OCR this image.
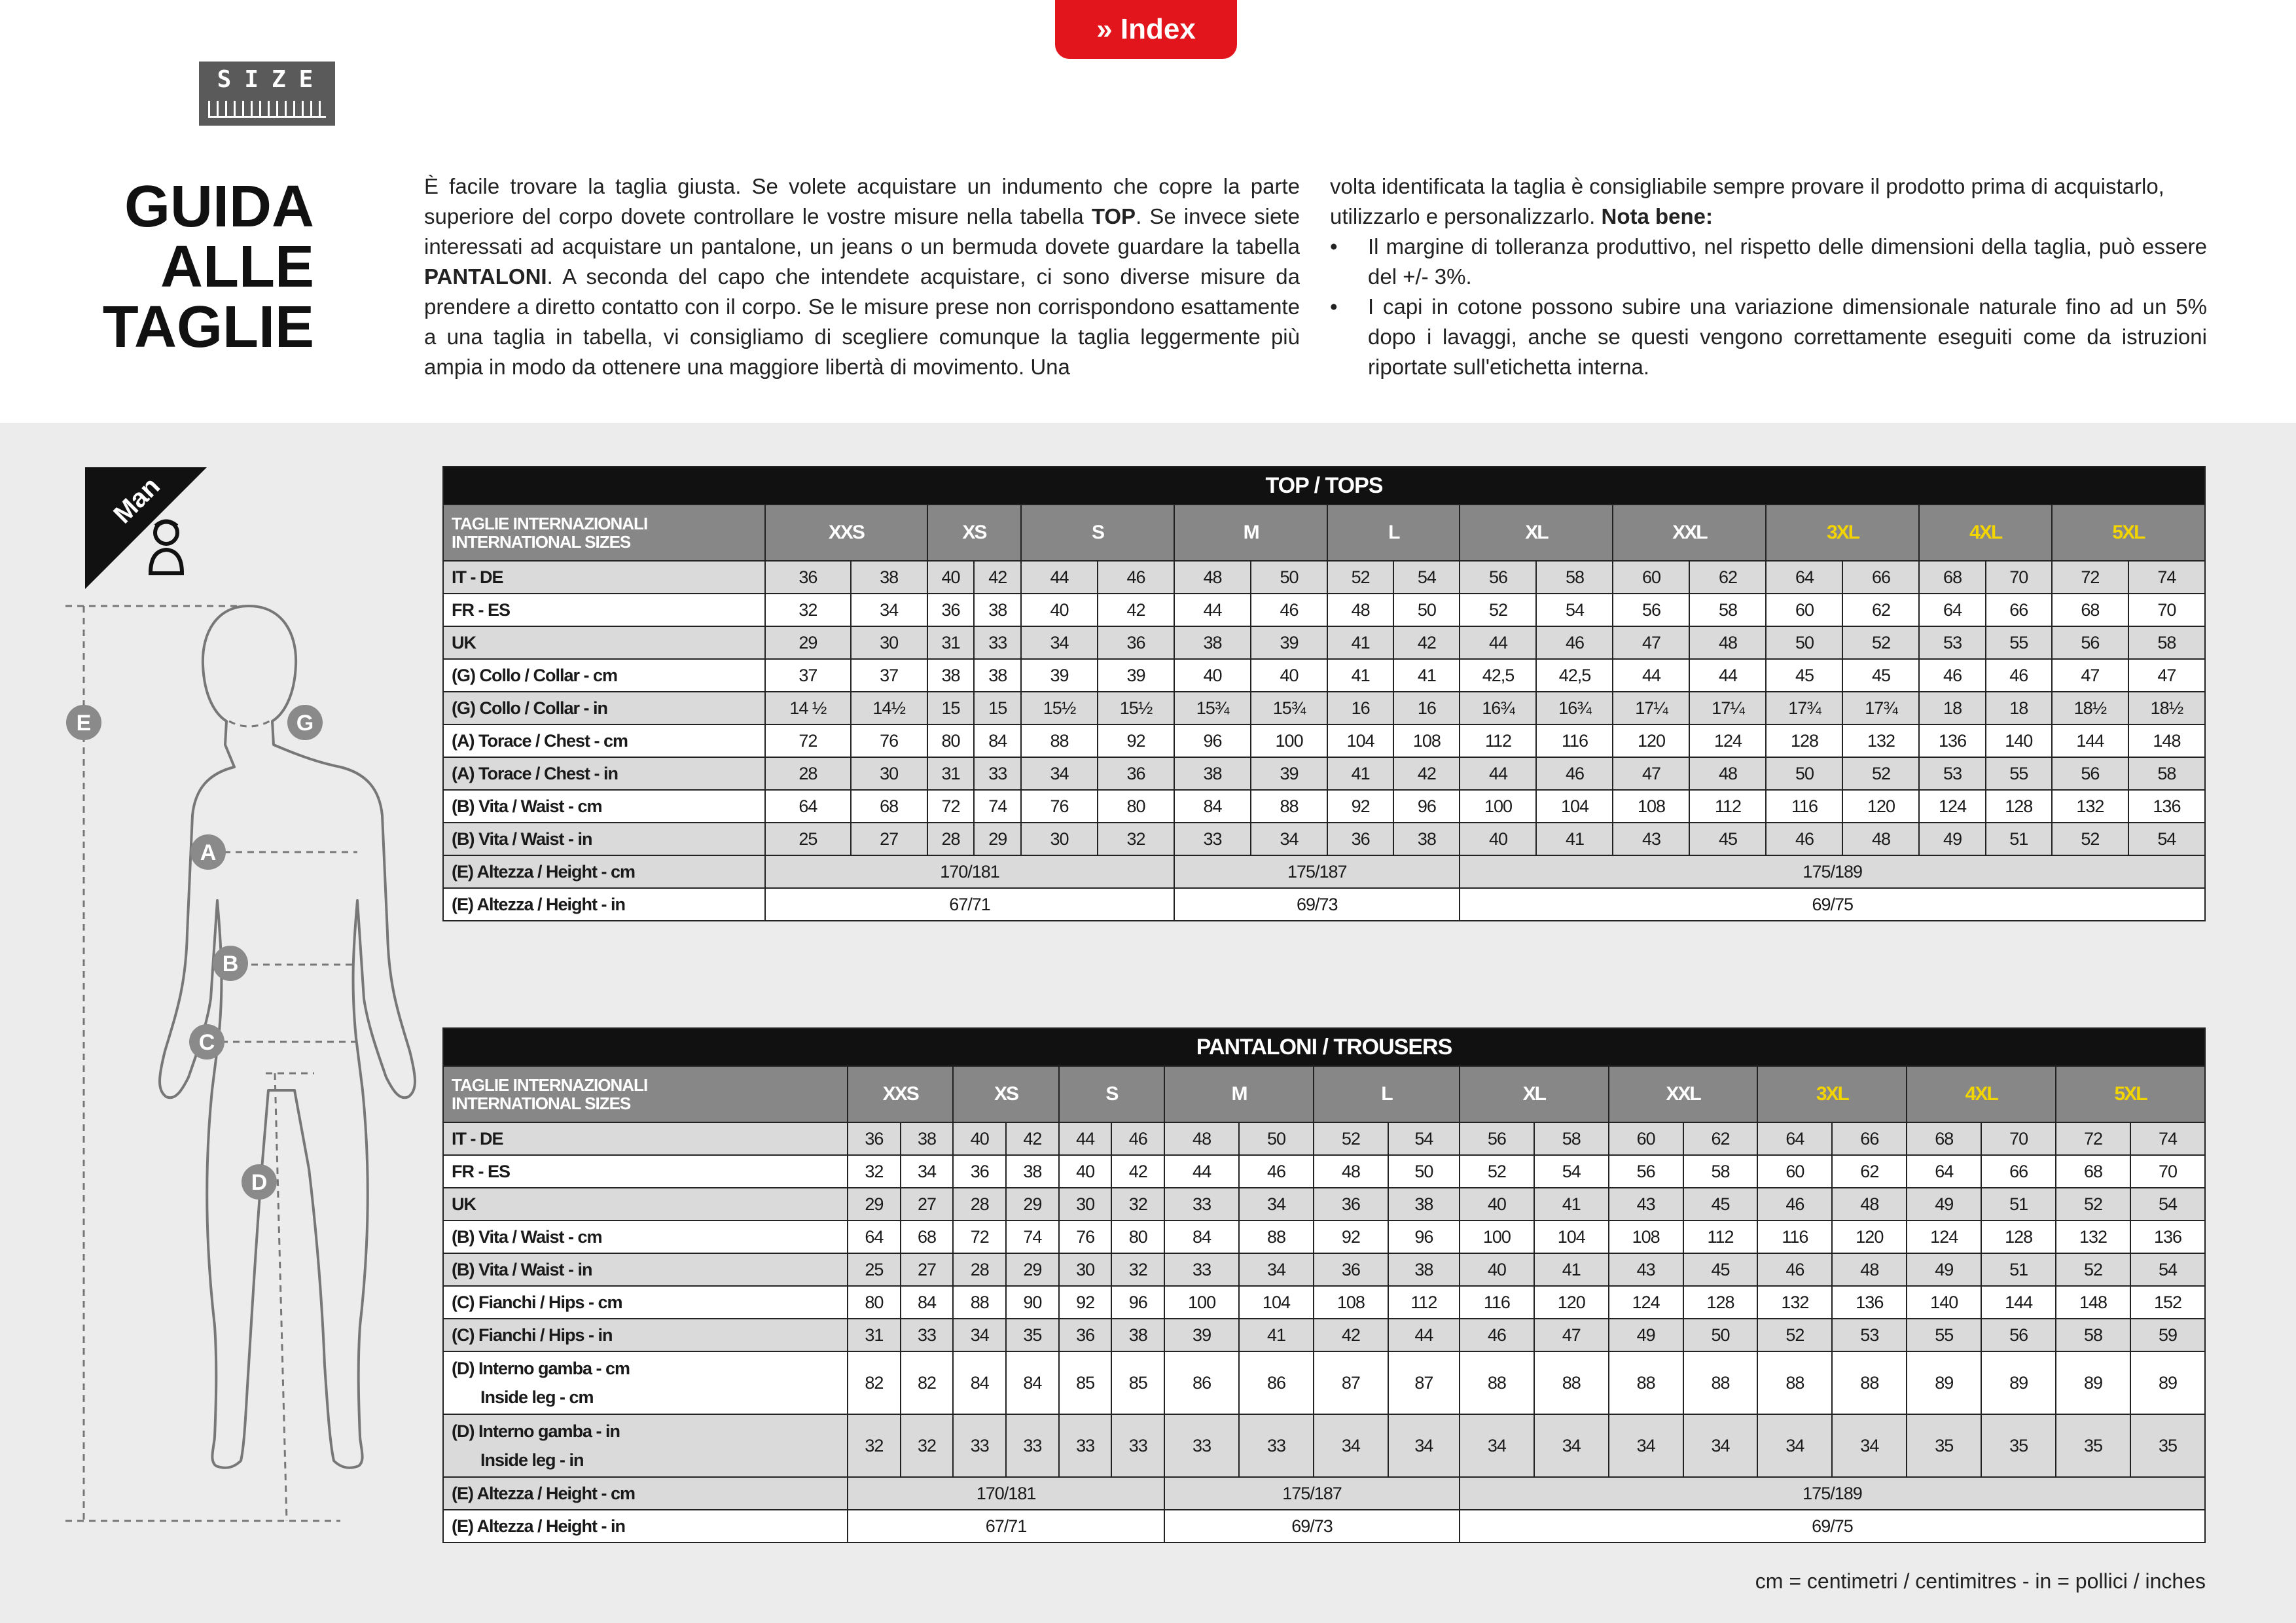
» Index
SIZE
GUIDA
ALLE
TAGLIE
È facile trovare la taglia giusta. Se volete acquistare un indumento che copre la parte superiore del corpo dovete controllare le vostre misure nella tabella TOP. Se invece siete interessati ad acquistare un pantalone, un jeans o un bermuda dovete guardare la tabella PANTALONI. A seconda del capo che intendete acquistare, ci sono diverse misure da prendere a diretto contatto con il corpo. Se le misure prese non corrispondono esattamente a una taglia in tabella, vi consigliamo di scegliere comunque la taglia leggermente più ampia in modo da ottenere una maggiore libertà di movimento. Una
volta identificata la taglia è consigliabile sempre provare il prodotto prima di acquistarlo, utilizzarlo e personalizzarlo. Nota bene:
• Il margine di tolleranza produttivo, nel rispetto delle dimensioni della taglia, può essere del +/- 3%.
• I capi in cotone possono subire una variazione dimensionale naturale fino ad un 5% dopo i lavaggi, anche se questi vengono correttamente eseguiti come da istruzioni riportate sull'etichetta interna.
Man
E	G
A
B
C
D
TOP / TOPS																				

TAGLIE INTERNAZIONALI
INTERNATIONAL SIZES	XXS		XS		S		M		L		XL		XXL		3XL		4XL		5XL	

IT - DE	36	38	40	42	44	46	48	50	52	54	56	58	60	62	64	66	68	70	72	74

FR - ES	32	34	36	38	40	42	44	46	48	50	52	54	56	58	60	62	64	66	68	70

UK	29	30	31	33	34	36	38	39	41	42	44	46	47	48	50	52	53	55	56	58

(G) Collo / Collar - cm	37	37	38	38	39	39	40	40	41	41	42,5	42,5	44	44	45	45	46	46	47	47

(G) Collo / Collar - in	14 ½	14½	15	15	15½	15½	15¾	15¾	16	16	16¾	16¾	17¼	17¼	17¾	17¾	18	18	18½	18½

(A) Torace / Chest - cm	72	76	80	84	88	92	96	100	104	108	112	116	120	124	128	132	136	140	144	148

(A) Torace / Chest - in	28	30	31	33	34	36	38	39	41	42	44	46	47	48	50	52	53	55	56	58

(B) Vita / Waist - cm	64	68	72	74	76	80	84	88	92	96	100	104	108	112	116	120	124	128	132	136

(B) Vita / Waist - in	25	27	28	29	30	32	33	34	36	38	40	41	43	45	46	48	49	51	52	54
(E) Altezza / Height - cm	170/181						175/187				175/189									
(E) Altezza / Height - in	67/71						69/73				69/75									
PANTALONI / TROUSERS																				

TAGLIE INTERNAZIONALI
INTERNATIONAL SIZES	XXS		XS		S		M		L		XL		XXL		3XL		4XL		5XL	

IT - DE	36	38	40	42	44	46	48	50	52	54	56	58	60	62	64	66	68	70	72	74

FR - ES	32	34	36	38	40	42	44	46	48	50	52	54	56	58	60	62	64	66	68	70

UK	29	27	28	29	30	32	33	34	36	38	40	41	43	45	46	48	49	51	52	54

(B) Vita / Waist - cm	64	68	72	74	76	80	84	88	92	96	100	104	108	112	116	120	124	128	132	136

(B) Vita / Waist - in	25	27	28	29	30	32	33	34	36	38	40	41	43	45	46	48	49	51	52	54

(C) Fianchi / Hips - cm	80	84	88	90	92	96	100	104	108	112	116	120	124	128	132	136	140	144	148	152

(C) Fianchi / Hips - in	31	33	34	35	36	38	39	41	42	44	46	47	49	50	52	53	55	56	58	59

(D) Interno gamba - cm
Inside leg - cm	82	82	84	84	85	85	86	86	87	87	88	88	88	88	88	88	89	89	89	89

(D) Interno gamba - in
Inside leg - in	32	32	33	33	33	33	33	33	34	34	34	34	34	34	34	34	35	35	35	35
(E) Altezza / Height - cm	170/181						175/187				175/189									
(E) Altezza / Height - in	67/71						69/73				69/75									
cm = centimetri / centimitres - in = pollici / inches
